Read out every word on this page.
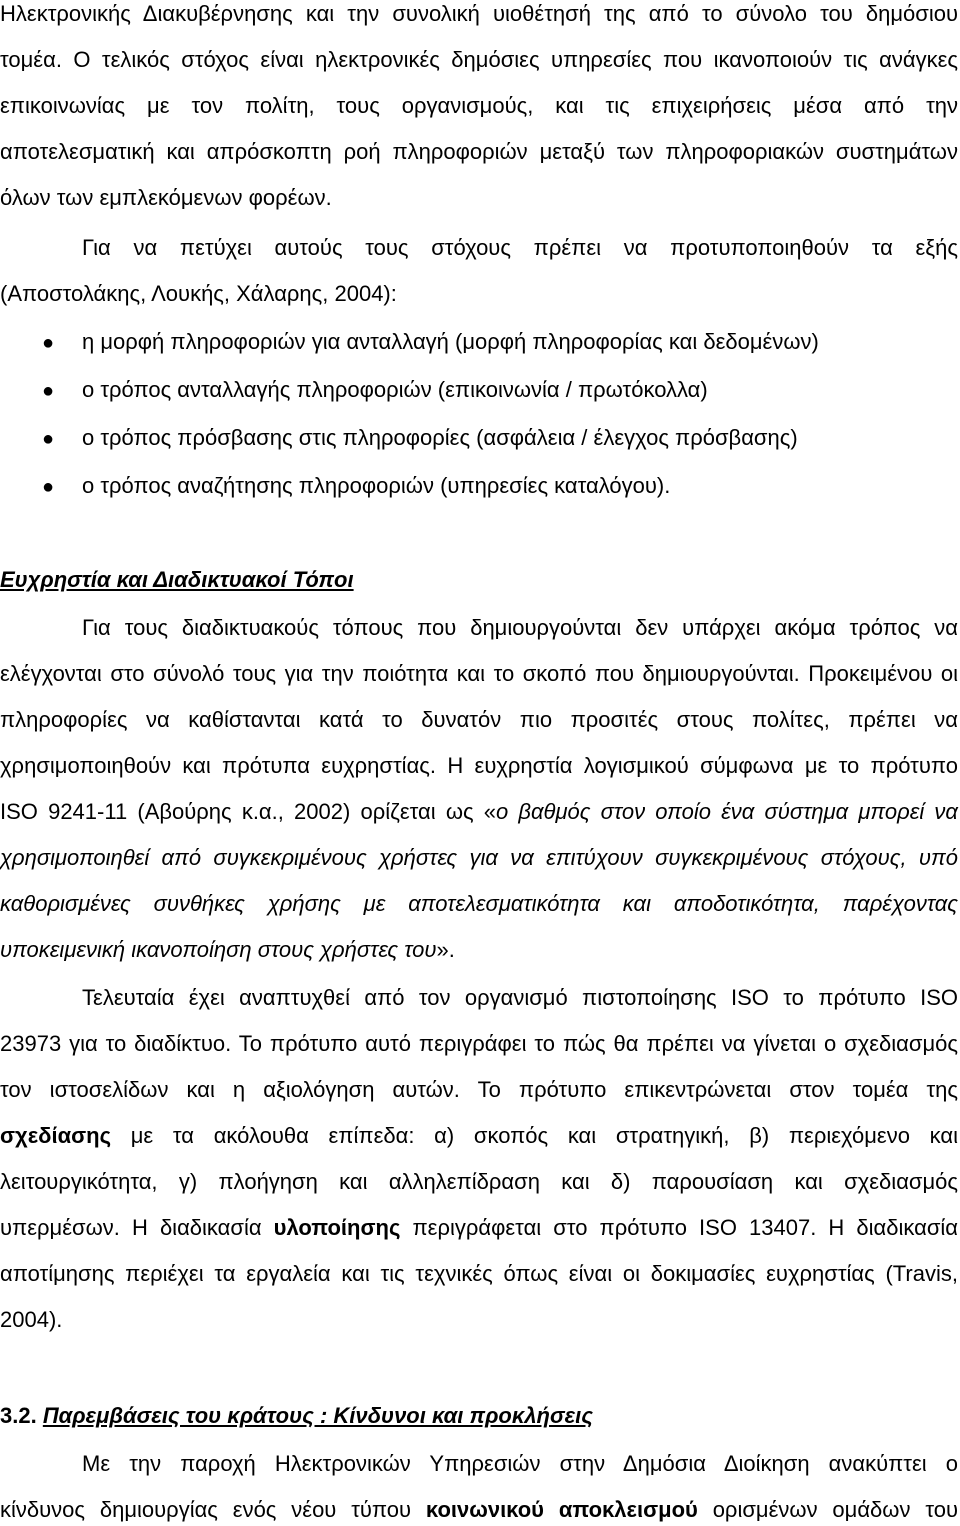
Ηλεκτρονικής Διακυβέρνησης και την συνολική υιοθέτησή της από το σύνολο του δημόσιου
τομέα. Ο τελικός στόχος είναι ηλεκτρονικές δημόσιες υπηρεσίες που ικανοποιούν τις ανάγκες
επικοινωνίας με τον πολίτη, τους οργανισμούς, και τις επιχειρήσεις μέσα από την
αποτελεσματική και απρόσκοπτη ροή πληροφοριών μεταξύ των πληροφοριακών συστημάτων
όλων των εμπλεκόμενων φορέων.
Για να πετύχει αυτούς τους στόχους πρέπει να προτυποποιηθούν τα εξής
(Αποστολάκης, Λουκής, Χάλαρης, 2004):
● η μορφή πληροφοριών για ανταλλαγή (μορφή πληροφορίας και δεδομένων)
● ο τρόπος ανταλλαγής πληροφοριών (επικοινωνία / πρωτόκολλα)
● ο τρόπος πρόσβασης στις πληροφορίες (ασφάλεια / έλεγχος πρόσβασης)
● ο τρόπος αναζήτησης πληροφοριών (υπηρεσίες καταλόγου).
Ευχρηστία και Διαδικτυακοί Τόποι
Για τους διαδικτυακούς τόπους που δημιουργούνται δεν υπάρχει ακόμα τρόπος να
ελέγχονται στο σύνολό τους για την ποιότητα και το σκοπό που δημιουργούνται. Προκειμένου οι
πληροφορίες να καθίστανται κατά το δυνατόν πιο προσιτές στους πολίτες, πρέπει να
χρησιμοποιηθούν και πρότυπα ευχρηστίας. Η ευχρηστία λογισμικού σύμφωνα με το πρότυπο
ISO 9241-11 (Αβούρης κ.α., 2002) ορίζεται ως «ο βαθμός στον οποίο ένα σύστημα μπορεί να
χρησιμοποιηθεί από συγκεκριμένους χρήστες για να επιτύχουν συγκεκριμένους στόχους, υπό
καθορισμένες συνθήκες χρήσης με αποτελεσματικότητα και αποδοτικότητα, παρέχοντας
υποκειμενική ικανοποίηση στους χρήστες του».
Τελευταία έχει αναπτυχθεί από τον οργανισμό πιστοποίησης ISO το πρότυπο ISO
23973 για το διαδίκτυο. Το πρότυπο αυτό περιγράφει το πώς θα πρέπει να γίνεται ο σχεδιασμός
τον ιστοσελίδων και η αξιολόγηση αυτών. Το πρότυπο επικεντρώνεται στον τομέα της
σχεδίασης με τα ακόλουθα επίπεδα: α) σκοπός και στρατηγική, β) περιεχόμενο και
λειτουργικότητα, γ) πλοήγηση και αλληλεπίδραση και δ) παρουσίαση και σχεδιασμός
υπερμέσων. Η διαδικασία υλοποίησης περιγράφεται στο πρότυπο ISO 13407. Η διαδικασία
αποτίμησης περιέχει τα εργαλεία και τις τεχνικές όπως είναι οι δοκιμασίες ευχρηστίας (Travis,
2004).
3.2. Παρεμβάσεις του κράτους : Κίνδυνοι και προκλήσεις
Με την παροχή Ηλεκτρονικών Υπηρεσιών στην Δημόσια Διοίκηση ανακύπτει ο
κίνδυνος δημιουργίας ενός νέου τύπου κοινωνικού αποκλεισμού ορισμένων ομάδων του
